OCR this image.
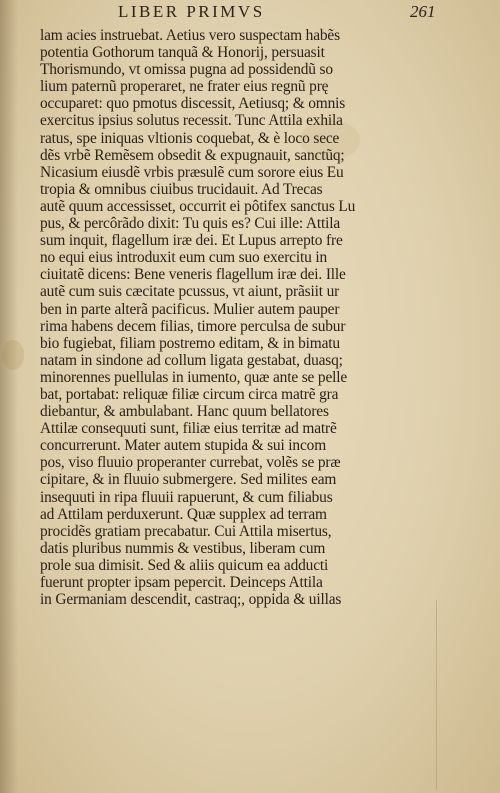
LIBER PRIMVS	261
lam acies instruebat. Aetius vero suspectam habẽs
potentia Gothorum tanquã & Honorij, persuasit
Thorismundo, vt omissa pugna ad possidendũ so
lium paternũ properaret, ne frater eius regnũ prę
occuparet: quo pmotus discessit, Aetiusq; & omnis
exercitus ipsius solutus recessit. Tunc Attila exhila
ratus, spe iniquas vltionis coquebat, & è loco sece
dẽs vrbẽ Remẽsem obsedit & expugnauit, sanctũq;
Nicasium eiusdẽ vrbis præsulẽ cum sorore eius Eu
tropia & omnibus ciuibus trucidauit. Ad Trecas
autẽ quum accessisset, occurrit ei pôtifex sanctus Lu
pus, & percôrãdo dixit: Tu quis es? Cui ille: Attila
sum inquit, flagellum iræ dei. Et Lupus arrepto fre
no equi eius introduxit eum cum suo exercitu in
ciuitatẽ dicens: Bene veneris flagellum iræ dei. Ille
autẽ cum suis cæcitate pcussus, vt aiunt, prãsiit ur
ben in parte alterã pacificus. Mulier autem pauper
rima habens decem filias, timore perculsa de subur
bio fugiebat, filiam postremo editam, & in bimatu
natam in sindone ad collum ligata gestabat, duasq;
minorennes puellulas in iumento, quæ ante se pelle
bat, portabat: reliquæ filiæ circum circa matrẽ gra
diebantur, & ambulabant. Hanc quum bellatores
Attilæ consequuti sunt, filiæ eius territæ ad matrẽ
concurrerunt. Mater autem stupida & sui incom
pos, viso fluuio properanter currebat, volẽs se præ
cipitare, & in fluuio submergere. Sed milites eam
insequuti in ripa fluuii rapuerunt, & cum filiabus
ad Attilam perduxerunt. Quæ supplex ad terram
procidẽs gratiam precabatur. Cui Attila misertus,
datis pluribus nummis & vestibus, liberam cum
prole sua dimisit. Sed & aliis quicum ea adducti
fuerunt propter ipsam pepercit. Deinceps Attila
in Germaniam descendit, castraq;, oppida & uillas
